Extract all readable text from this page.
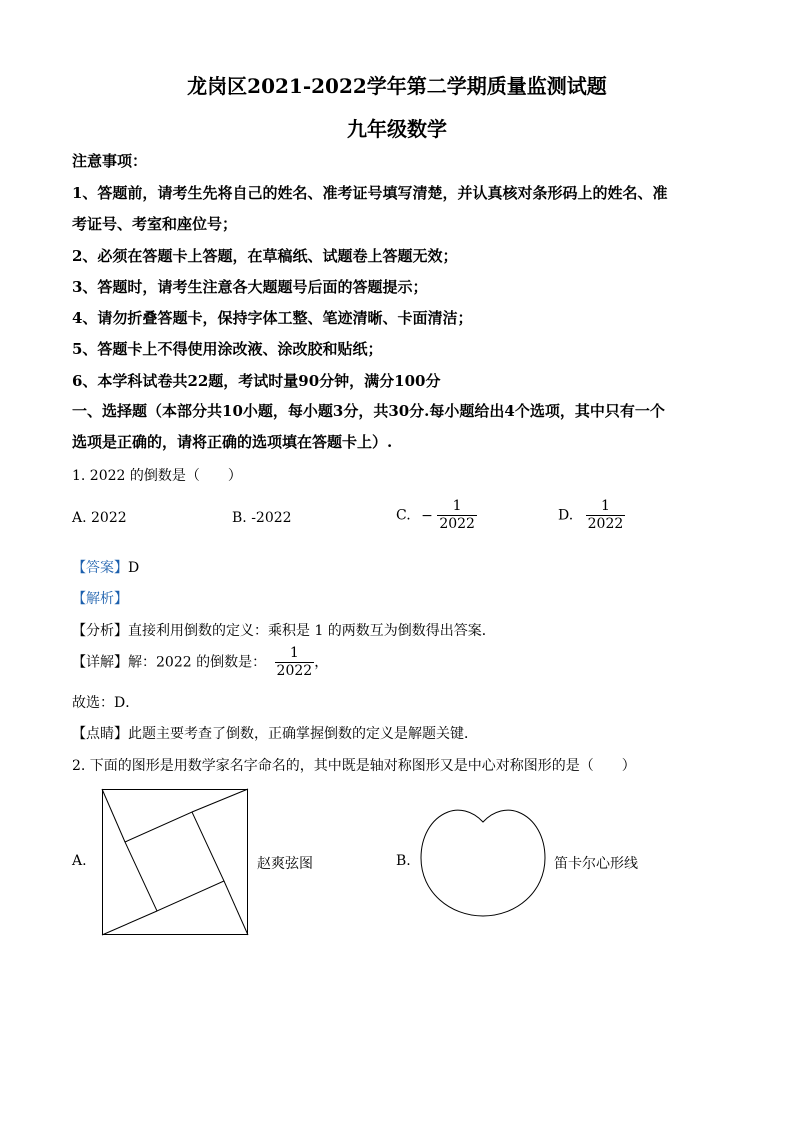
龙岗区2021-2022学年第二学期质量监测试题
九年级数学
注意事项：
1、答题前，请考生先将自己的姓名、准考证号填写清楚，并认真核对条形码上的姓名、准
考证号、考室和座位号；
2、必须在答题卡上答题，在草稿纸、试题卷上答题无效；
3、答题时，请考生注意各大题题号后面的答题提示；
4、请勿折叠答题卡，保持字体工整、笔迹清晰、卡面清洁；
5、答题卡上不得使用涂改液、涂改胶和贴纸；
6、本学科试卷共22题，考试时量90分钟，满分100分
一、选择题（本部分共10小题，每小题3分，共30分.每小题给出4个选项，其中只有一个
选项是正确的，请将正确的选项填在答题卡上）.
1. 2022 的倒数是（　　）
A. 2022	B. -2022	C. − $\frac{1}{2022}$	D. $\frac{1}{2022}$
【答案】D
【解析】
【分析】直接利用倒数的定义：乘积是 1 的两数互为倒数得出答案．
【详解】解：2022 的倒数是： $\frac{1}{2022}$ ，
故选：D．
【点睛】此题主要考查了倒数，正确掌握倒数的定义是解题关键．
2. 下面的图形是用数学家名字命名的，其中既是轴对称图形又是中心对称图形的是（　　）
A.	赵爽弦图	B.	笛卡尔心形线
